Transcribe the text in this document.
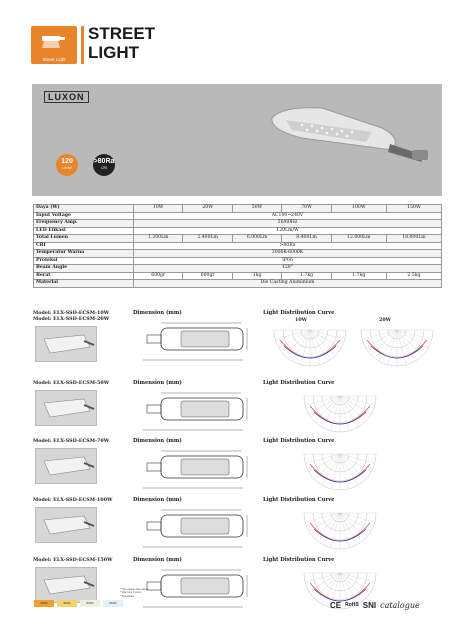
Street Light
STREET
LIGHT
LUXON
120
Lm/W
>80Ra
CRI
Daya (W)	10W	20W	50W	70W	100W	150W
Input Voltage	AC100~240V					
Frequency Amp.	50/60Hz					
LED Efikasi	120Lm/W					
Total Lumen	1.200Lm	2.400Lm	6.000Lm	8.400Lm	12.000Lm	18.000Lm
CRI	>80Ra					
Temperatur Warna	3000K-6000K					
Proteksi	IP66					
Beam Angle	120°					
Berat	600gr	600gr	1kg	1.7kg	1.7kg	2.5kg
Material	Die Casting Aluminium					
Model: ELX-SSD-ECSM-10W
Model: ELX-SSD-ECSM-20W
Dimension (mm)	Light Distribution Curve
10W	20W
Model: ELX-SSD-ECSM-50W	Dimension (mm)	Light Distribution Curve
Model: ELX-SSD-ECSM-70W	Dimension (mm)	Light Distribution Curve
Model: ELX-SSD-ECSM-100W	Dimension (mm)	Light Distribution Curve
Model: ELX-SSD-ECSM-150W	Dimension (mm)	Light Distribution Curve
3000K	4000K	5000K	6500K
* Tipe ukuran dan warna
* Warranty 2 years
* Spesifikasi
CE RoHS SNI catalogue
